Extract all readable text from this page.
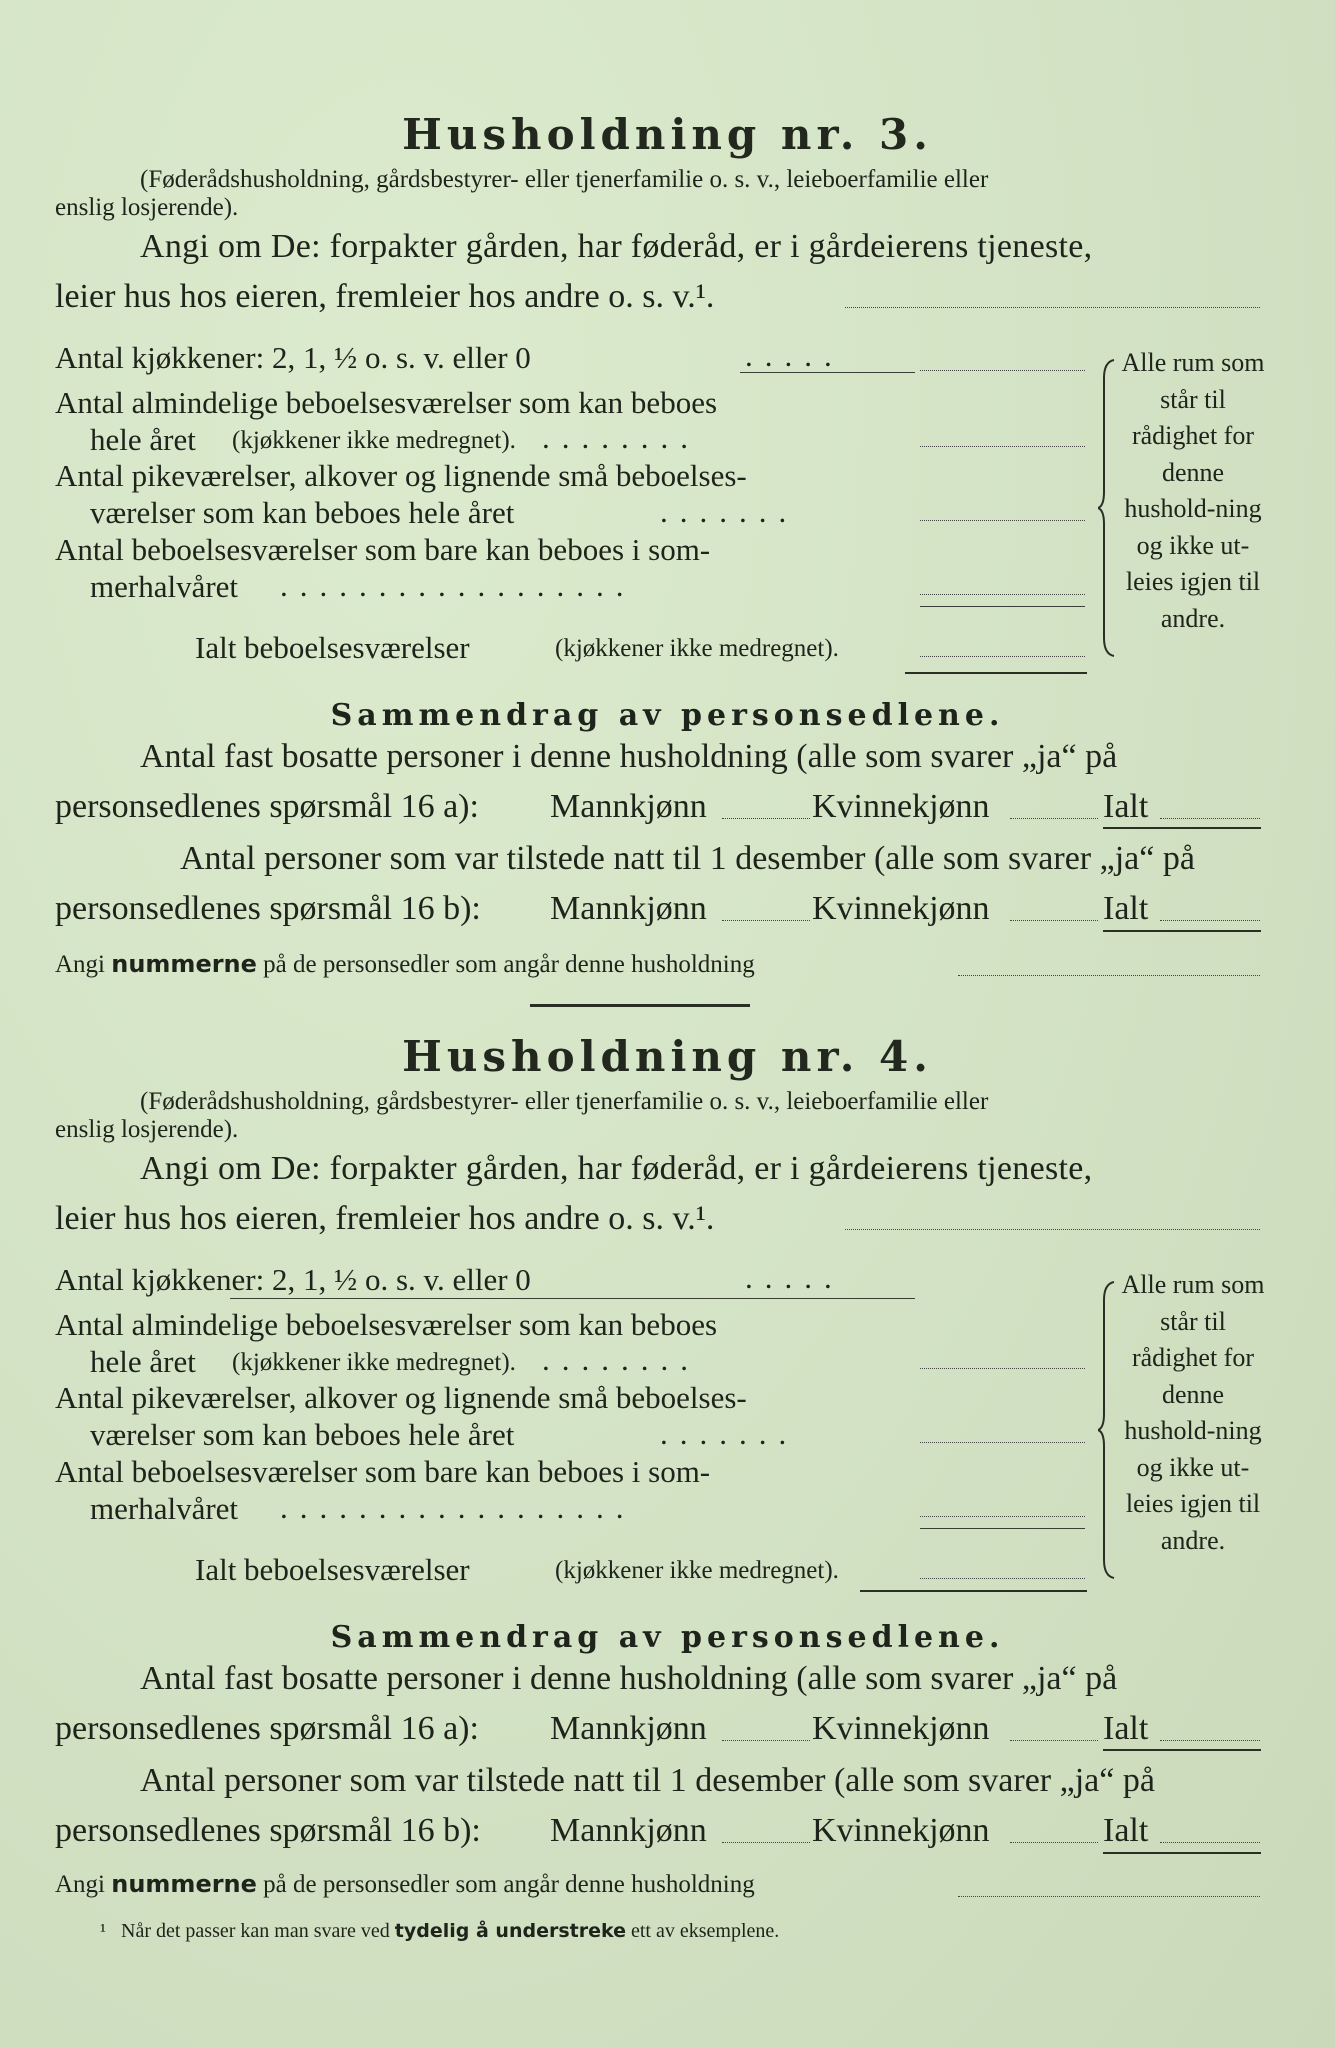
Husholdning nr. 3.
(Føderådshusholdning, gårdsbestyrer- eller tjenerfamilie o. s. v., leieboerfamilie eller
enslig losjerende).
Angi om De: forpakter gården, har føderåd, er i gårdeierens tjeneste,
leier hus hos eieren, fremleier hos andre o. s. v.¹.
Antal kjøkkener: 2, 1, ½ o. s. v. eller 0	.....
Antal almindelige beboelsesværelser som kan beboes
hele året (kjøkkener ikke medregnet). ........
Antal pikeværelser, alkover og lignende små beboelses-
værelser som kan beboes hele året	.......
Antal beboelsesværelser som bare kan beboes i som-
merhalvåret ..................
Ialt beboelsesværelser	(kjøkkener ikke medregnet).
Alle rum som står til rådighet for denne hushold-ning og ikke ut-leies igjen til andre.
Sammendrag av personsedlene.
Antal fast bosatte personer i denne husholdning (alle som svarer „ja“ på
personsedlenes spørsmål 16 a): Mannkjønn	Kvinnekjønn	Ialt
Antal personer som var tilstede natt til 1 desember (alle som svarer „ja“ på
personsedlenes spørsmål 16 b): Mannkjønn	Kvinnekjønn	Ialt
Angi nummerne på de personsedler som angår denne husholdning
Husholdning nr. 4.
(Føderådshusholdning, gårdsbestyrer- eller tjenerfamilie o. s. v., leieboerfamilie eller
enslig losjerende).
Angi om De: forpakter gården, har føderåd, er i gårdeierens tjeneste,
leier hus hos eieren, fremleier hos andre o. s. v.¹.
Antal kjøkkener: 2, 1, ½ o. s. v. eller 0	.....
Antal almindelige beboelsesværelser som kan beboes
hele året (kjøkkener ikke medregnet). ........
Antal pikeværelser, alkover og lignende små beboelses-
værelser som kan beboes hele året	.......
Antal beboelsesværelser som bare kan beboes i som-
merhalvåret ..................
Ialt beboelsesværelser	(kjøkkener ikke medregnet).
Alle rum som står til rådighet for denne hushold-ning og ikke ut-leies igjen til andre.
Sammendrag av personsedlene.
Antal fast bosatte personer i denne husholdning (alle som svarer „ja“ på
personsedlenes spørsmål 16 a): Mannkjønn	Kvinnekjønn	Ialt
Antal personer som var tilstede natt til 1 desember (alle som svarer „ja“ på
personsedlenes spørsmål 16 b): Mannkjønn	Kvinnekjønn	Ialt
Angi nummerne på de personsedler som angår denne husholdning
¹ Når det passer kan man svare ved tydelig å understreke ett av eksemplene.
